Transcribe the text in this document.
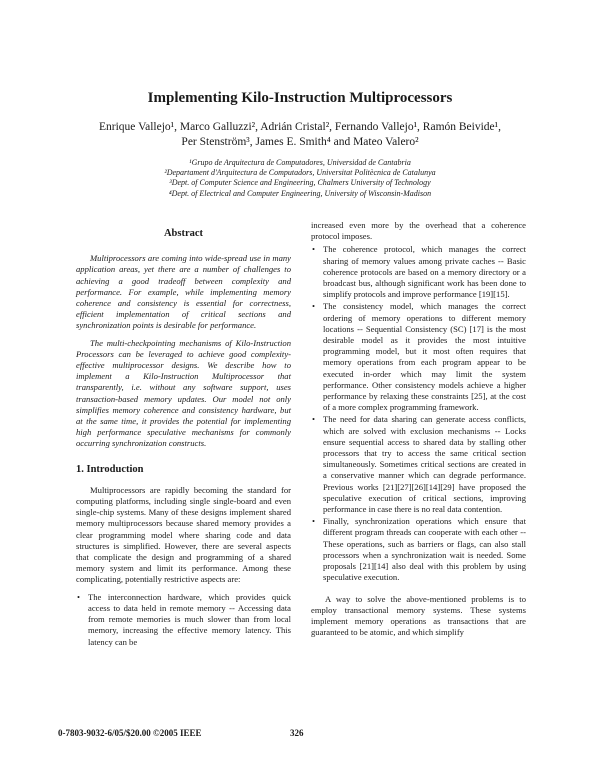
Implementing Kilo-Instruction Multiprocessors
Enrique Vallejo¹, Marco Galluzzi², Adrián Cristal², Fernando Vallejo¹, Ramón Beivide¹,
Per Stenström³, James E. Smith⁴ and Mateo Valero²
¹Grupo de Arquitectura de Computadores, Universidad de Cantabria
²Departament d'Arquitectura de Computadors, Universitat Politècnica de Catalunya
³Dept. of Computer Science and Engineering, Chalmers University of Technology
⁴Dept. of Electrical and Computer Engineering, University of Wisconsin-Madison
Abstract

Multiprocessors are coming into wide-spread use in many application areas, yet there are a number of challenges to achieving a good tradeoff between complexity and performance. For example, while implementing memory coherence and consistency is essential for correctness, efficient implementation of critical sections and synchronization points is desirable for performance.

The multi-checkpointing mechanisms of Kilo-Instruction Processors can be leveraged to achieve good complexity-effective multiprocessor designs. We describe how to implement a Kilo-Instruction Multiprocessor that transparently, i.e. without any software support, uses transaction-based memory updates. Our model not only simplifies memory coherence and consistency hardware, but at the same time, it provides the potential for implementing high performance speculative mechanisms for commonly occurring synchronization constructs.

1. Introduction

Multiprocessors are rapidly becoming the standard for computing platforms, including single single-board and even single-chip systems. Many of these designs implement shared memory multiprocessors because shared memory provides a clear programming model where sharing code and data structures is simplified. However, there are several aspects that complicate the design and programming of a shared memory system and limit its performance. Among these complicating, potentially restrictive aspects are:

• The interconnection hardware, which provides quick access to data held in remote memory -- Accessing data from remote memories is much slower than from local memory, increasing the effective memory latency. This latency can be

increased even more by the overhead that a coherence protocol imposes.

• The coherence protocol, which manages the correct sharing of memory values among private caches -- Basic coherence protocols are based on a memory directory or a broadcast bus, although significant work has been done to simplify protocols and improve performance [19][15].
• The consistency model, which manages the correct ordering of memory operations to different memory locations -- Sequential Consistency (SC) [17] is the most desirable model as it provides the most intuitive programming model, but it most often requires that memory operations from each program appear to be executed in-order which may limit the system performance. Other consistency models achieve a higher performance by relaxing these constraints [25], at the cost of a more complex programming framework.
• The need for data sharing can generate access conflicts, which are solved with exclusion mechanisms -- Locks ensure sequential access to shared data by stalling other processors that try to access the same critical section simultaneously. Sometimes critical sections are created in a conservative manner which can degrade performance. Previous works [21][27][26][14][29] have proposed the speculative execution of critical sections, improving performance in case there is no real data contention.
• Finally, synchronization operations which ensure that different program threads can cooperate with each other -- These operations, such as barriers or flags, can also stall processors when a synchronization wait is needed. Some proposals [21][14] also deal with this problem by using speculative execution.

A way to solve the above-mentioned problems is to employ transactional memory systems. These systems implement memory operations as transactions that are guaranteed to be atomic, and which simplify

0-7803-9032-6/05/$20.00 ©2005 IEEE	326
